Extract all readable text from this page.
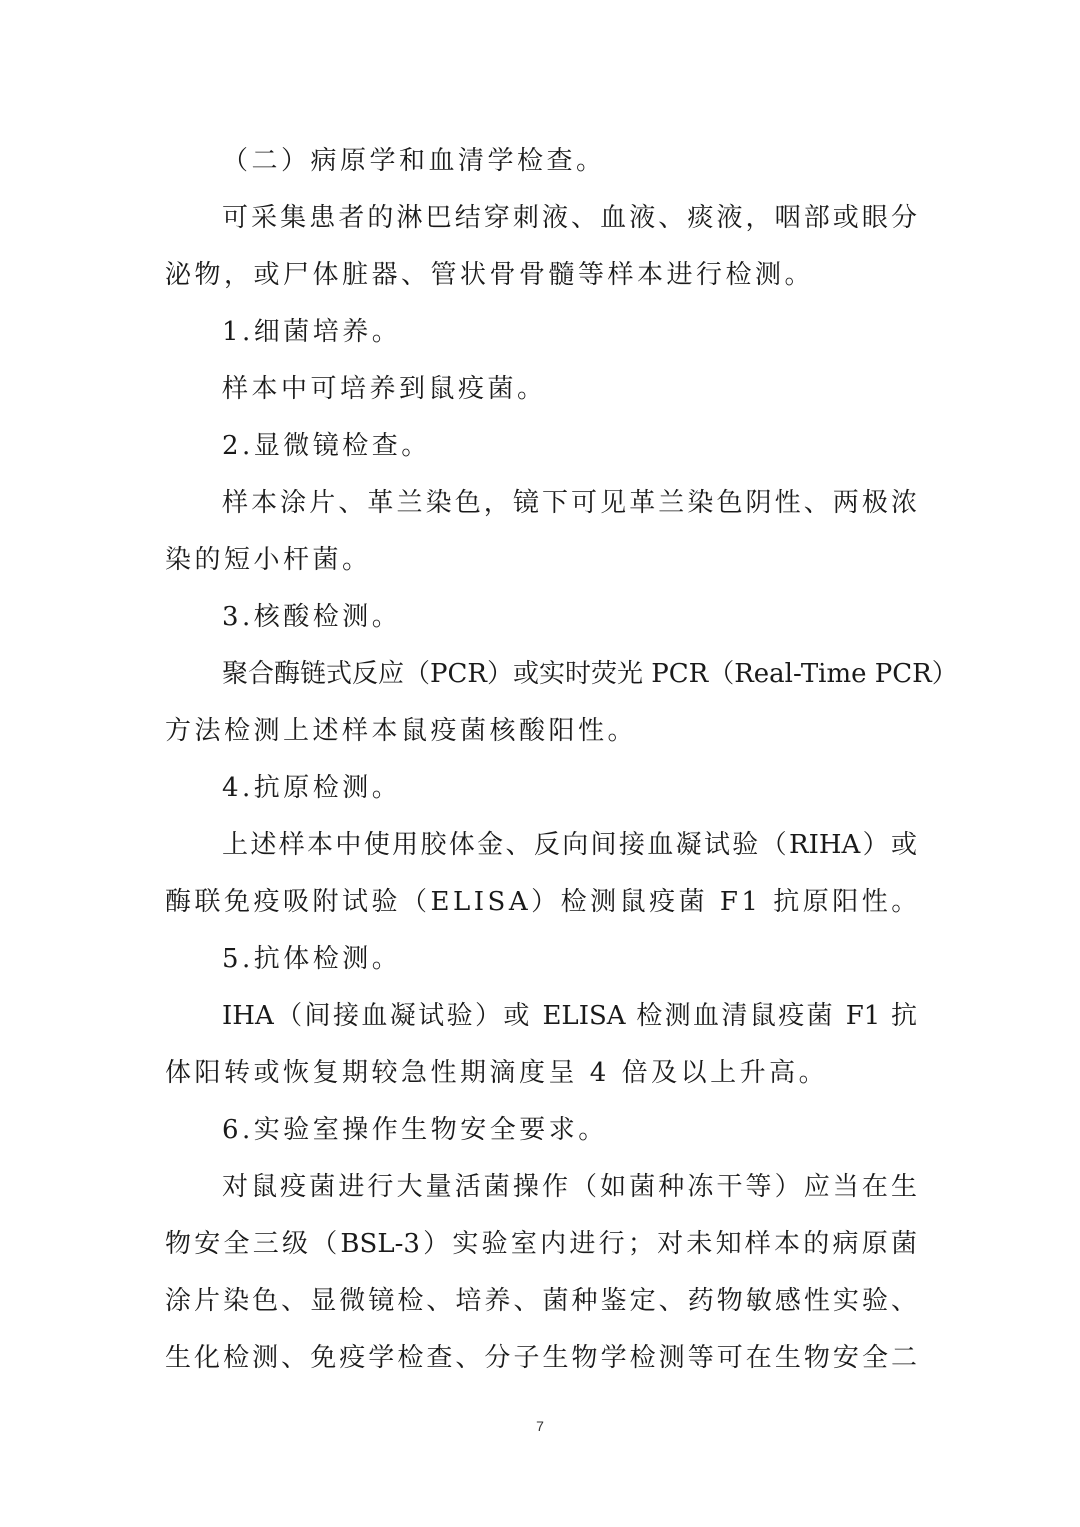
（二）病原学和血清学检查。
可采集患者的淋巴结穿刺液、血液、痰液，咽部或眼分
泌物，或尸体脏器、管状骨骨髓等样本进行检测。
1.细菌培养。
样本中可培养到鼠疫菌。
2.显微镜检查。
样本涂片、革兰染色，镜下可见革兰染色阴性、两极浓
染的短小杆菌。
3.核酸检测。
聚合酶链式反应（PCR）或实时荧光 PCR（Real-Time PCR）
方法检测上述样本鼠疫菌核酸阳性。
4.抗原检测。
上述样本中使用胶体金、反向间接血凝试验（RIHA）或
酶联免疫吸附试验（ELISA）检测鼠疫菌 F1 抗原阳性。
5.抗体检测。
IHA（间接血凝试验）或 ELISA 检测血清鼠疫菌 F1 抗
体阳转或恢复期较急性期滴度呈 4 倍及以上升高。
6.实验室操作生物安全要求。
对鼠疫菌进行大量活菌操作（如菌种冻干等）应当在生
物安全三级（BSL-3）实验室内进行；对未知样本的病原菌
涂片染色、显微镜检、培养、菌种鉴定、药物敏感性实验、
生化检测、免疫学检查、分子生物学检测等可在生物安全二
7
